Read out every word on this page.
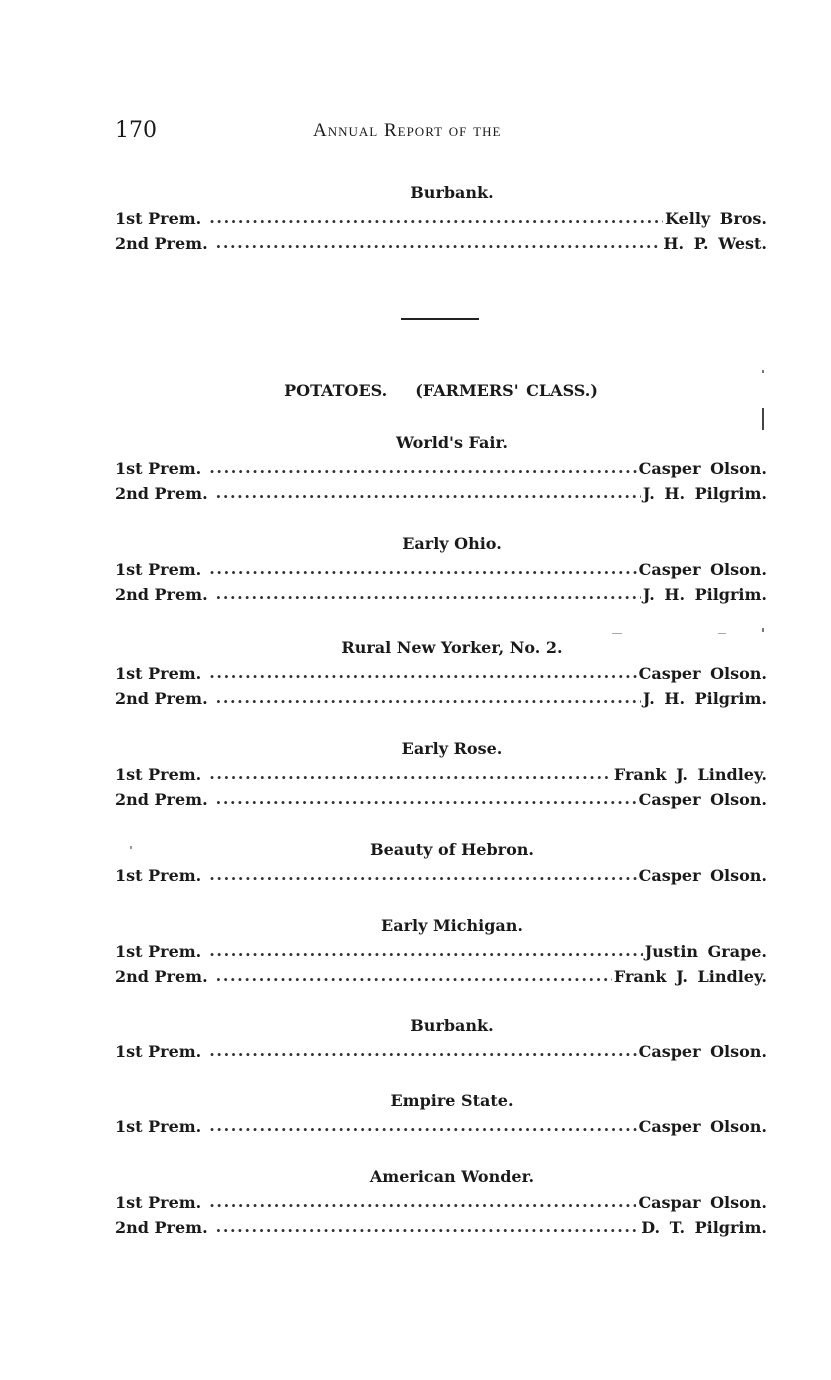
170	Annual Report of the
Burbank.
1st Prem. .....	Kelly Bros.
2nd Prem. .....	H. P. West.
POTATOES. (FARMERS' CLASS.)
World's Fair.
1st Prem. .....	Casper Olson.
2nd Prem. .....	J. H. Pilgrim.
Early Ohio.
1st Prem. .....	Casper Olson.
2nd Prem. .....	J. H. Pilgrim.
Rural New Yorker, No. 2.
1st Prem. .....	Casper Olson.
2nd Prem. .....	J. H. Pilgrim.
Early Rose.
1st Prem. .....	Frank J. Lindley.
2nd Prem. .....	Casper Olson.
Beauty of Hebron.
1st Prem. .....	Casper Olson.
Early Michigan.
1st Prem. .....	Justin Grape.
2nd Prem. .....	Frank J. Lindley.
Burbank.
1st Prem. .....	Casper Olson.
Empire State.
1st Prem. .....	Casper Olson.
American Wonder.
1st Prem. .....	Caspar Olson.
2nd Prem. .....	D. T. Pilgrim.
